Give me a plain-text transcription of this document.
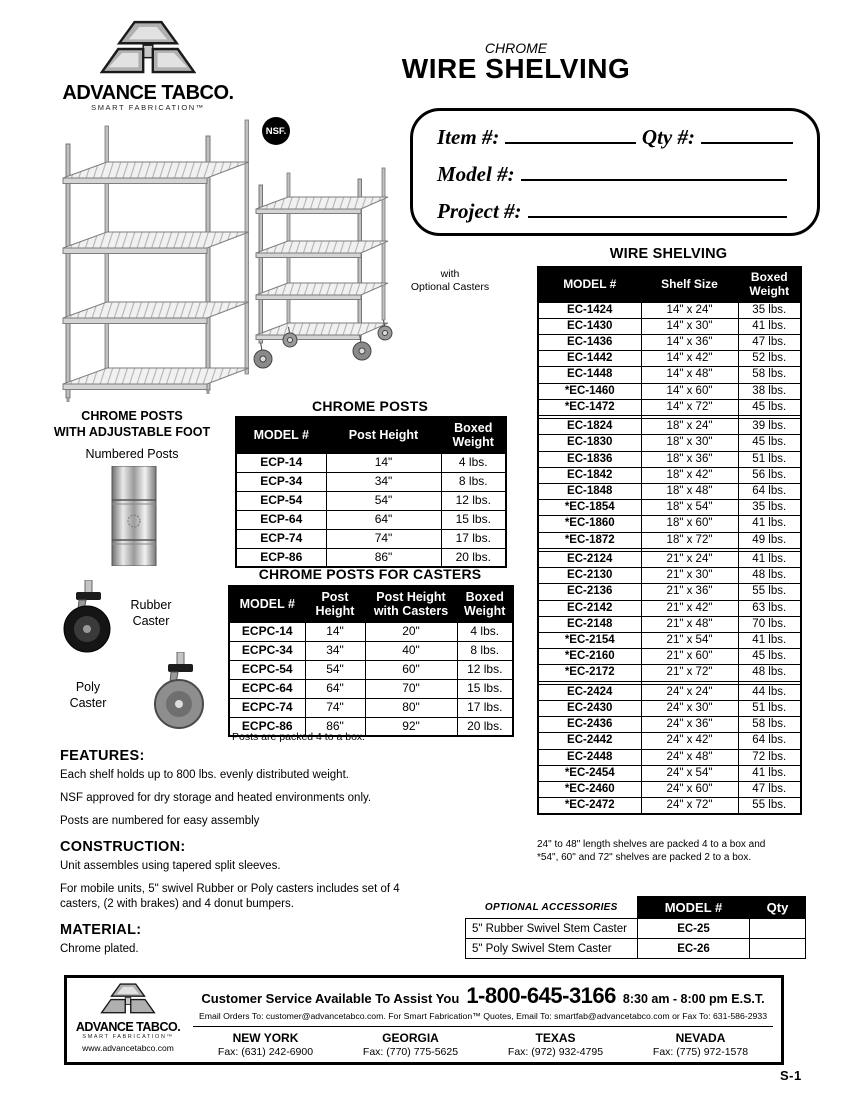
ADVANCE TABCO.
SMART FABRICATION™
CHROME
WIRE SHELVING
Item #:	Qty #:
Model #:
Project #:
NSF.
with
Optional Casters
CHROME POSTS
WITH ADJUSTABLE FOOT
Numbered Posts
Rubber Caster
Poly Caster
CHROME POSTS
MODEL #	Post Height	Boxed Weight
ECP-14	14"	4 lbs.
ECP-34	34"	8 lbs.
ECP-54	54"	12 lbs.
ECP-64	64"	15 lbs.
ECP-74	74"	17 lbs.
ECP-86	86"	20 lbs.
CHROME POSTS FOR CASTERS
MODEL #	Post Height	Post Height with Casters	Boxed Weight
ECPC-14	14"	20"	4 lbs.
ECPC-34	34"	40"	8 lbs.
ECPC-54	54"	60"	12 lbs.
ECPC-64	64"	70"	15 lbs.
ECPC-74	74"	80"	17 lbs.
ECPC-86	86"	92"	20 lbs.
Posts are packed 4 to a box.
WIRE SHELVING
MODEL #	Shelf Size	Boxed Weight
EC-1424	14" x 24"	35 lbs.
EC-1430	14" x 30"	41 lbs.
EC-1436	14" x 36"	47 lbs.
EC-1442	14" x 42"	52 lbs.
EC-1448	14" x 48"	58 lbs.
*EC-1460	14" x 60"	38 lbs.
*EC-1472	14" x 72"	45 lbs.

EC-1824	18" x 24"	39 lbs.
EC-1830	18" x 30"	45 lbs.
EC-1836	18" x 36"	51 lbs.
EC-1842	18" x 42"	56 lbs.
EC-1848	18" x 48"	64 lbs.
*EC-1854	18" x 54"	35 lbs.
*EC-1860	18" x 60"	41 lbs.
*EC-1872	18" x 72"	49 lbs.

EC-2124	21" x 24"	41 lbs.
EC-2130	21" x 30"	48 lbs.
EC-2136	21" x 36"	55 lbs.
EC-2142	21" x 42"	63 lbs.
EC-2148	21" x 48"	70 lbs.
*EC-2154	21" x 54"	41 lbs.
*EC-2160	21" x 60"	45 lbs.
*EC-2172	21" x 72"	48 lbs.

EC-2424	24" x 24"	44 lbs.
EC-2430	24" x 30"	51 lbs.
EC-2436	24" x 36"	58 lbs.
EC-2442	24" x 42"	64 lbs.
EC-2448	24" x 48"	72 lbs.
*EC-2454	24" x 54"	41 lbs.
*EC-2460	24" x 60"	47 lbs.
*EC-2472	24" x 72"	55 lbs.
24" to 48" length shelves are packed 4 to a box and
*54", 60" and 72" shelves are packed 2 to a box.
FEATURES:

Each shelf holds up to 800 lbs. evenly distributed weight.

NSF approved for dry storage and heated environments only.

Posts are numbered for easy assembly

CONSTRUCTION:

Unit assembles using tapered split sleeves.

For mobile units, 5" swivel Rubber or Poly casters includes set of 4 casters, (2 with brakes) and 4 donut bumpers.

MATERIAL:

Chrome plated.

OPTIONAL ACCESSORIES	MODEL #	Qty
5" Rubber Swivel Stem Caster	EC-25	
5" Poly Swivel Stem Caster	EC-26	
ADVANCE TABCO.
SMART FABRICATION™
www.advancetabco.com
Customer Service Available To Assist You 1-800-645-3166 8:30 am - 8:00 pm E.S.T.
Email Orders To: customer@advancetabco.com. For Smart Fabrication™ Quotes, Email To: smartfab@advancetabco.com or Fax To: 631-586-2933
NEW YORK
Fax: (631) 242-6900
GEORGIA
Fax: (770) 775-5625
TEXAS
Fax: (972) 932-4795
NEVADA
Fax: (775) 972-1578
S-1
